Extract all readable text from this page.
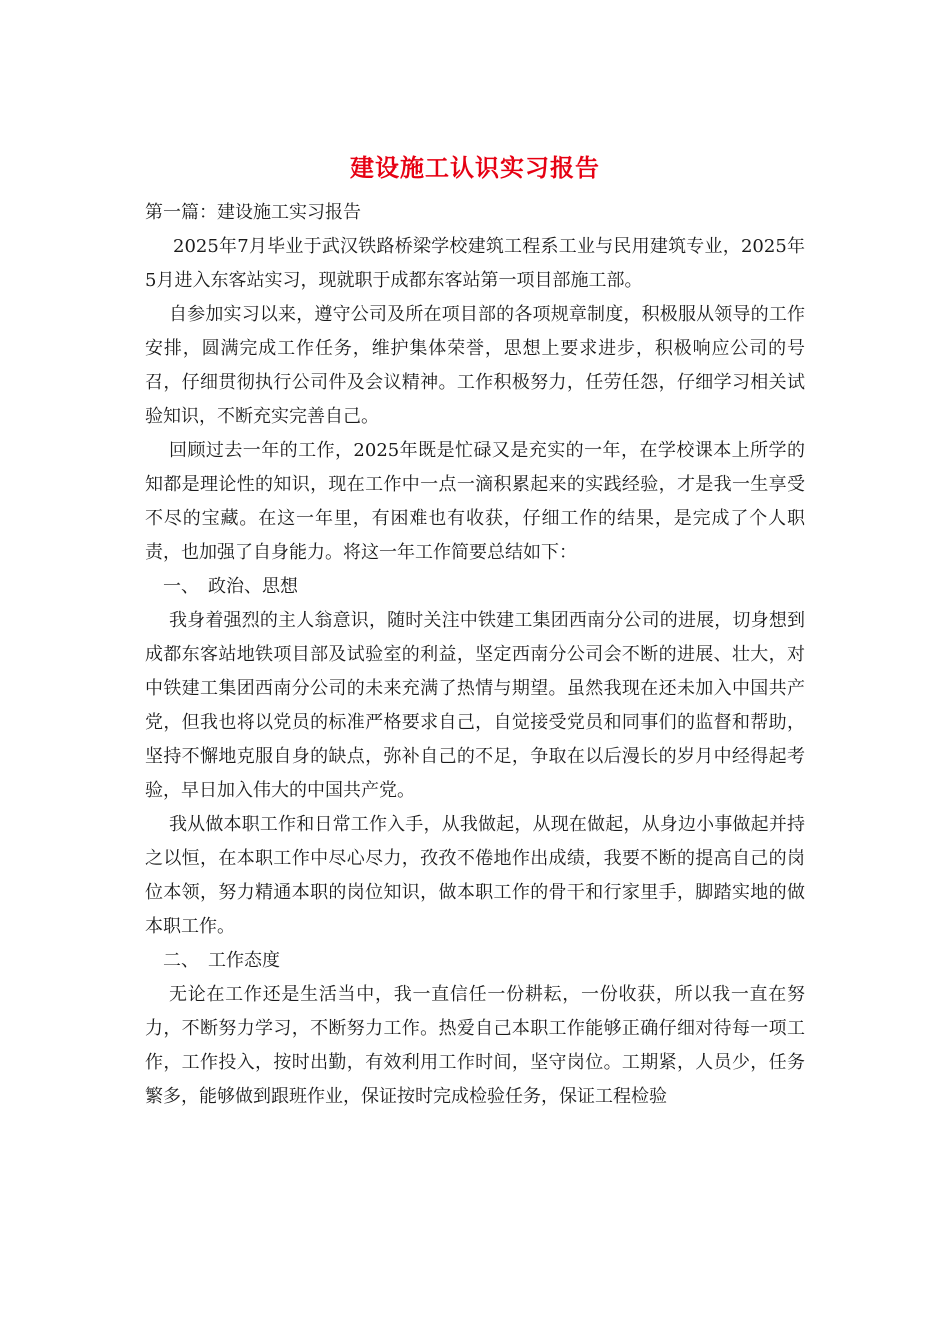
建设施工认识实习报告

第一篇：建设施工实习报告

2025年7月毕业于武汉铁路桥梁学校建筑工程系工业与民用建筑专业，2025年5月进入东客站实习，现就职于成都东客站第一项目部施工部。

自参加实习以来，遵守公司及所在项目部的各项规章制度，积极服从领导的工作安排，圆满完成工作任务，维护集体荣誉，思想上要求进步，积极响应公司的号召，仔细贯彻执行公司件及会议精神。工作积极努力，任劳任怨，仔细学习相关试验知识，不断充实完善自己。

回顾过去一年的工作，2025年既是忙碌又是充实的一年，在学校课本上所学的知都是理论性的知识，现在工作中一点一滴积累起来的实践经验，才是我一生享受不尽的宝藏。在这一年里，有困难也有收获，仔细工作的结果，是完成了个人职责，也加强了自身能力。将这一年工作简要总结如下：

一、　政治、思想

我身着强烈的主人翁意识，随时关注中铁建工集团西南分公司的进展，切身想到成都东客站地铁项目部及试验室的利益，坚定西南分公司会不断的进展、壮大，对中铁建工集团西南分公司的未来充满了热情与期望。虽然我现在还未加入中国共产党，但我也将以党员的标准严格要求自己，自觉接受党员和同事们的监督和帮助，坚持不懈地克服自身的缺点，弥补自己的不足，争取在以后漫长的岁月中经得起考验，早日加入伟大的中国共产党。

我从做本职工作和日常工作入手，从我做起，从现在做起，从身边小事做起并持之以恒，在本职工作中尽心尽力，孜孜不倦地作出成绩，我要不断的提高自己的岗位本领，努力精通本职的岗位知识，做本职工作的骨干和行家里手，脚踏实地的做本职工作。

二、　工作态度

无论在工作还是生活当中，我一直信任一份耕耘，一份收获，所以我一直在努力，不断努力学习，不断努力工作。热爱自己本职工作能够正确仔细对待每一项工作，工作投入，按时出勤，有效利用工作时间，坚守岗位。工期紧，人员少，任务繁多，能够做到跟班作业，保证按时完成检验任务，保证工程检验
